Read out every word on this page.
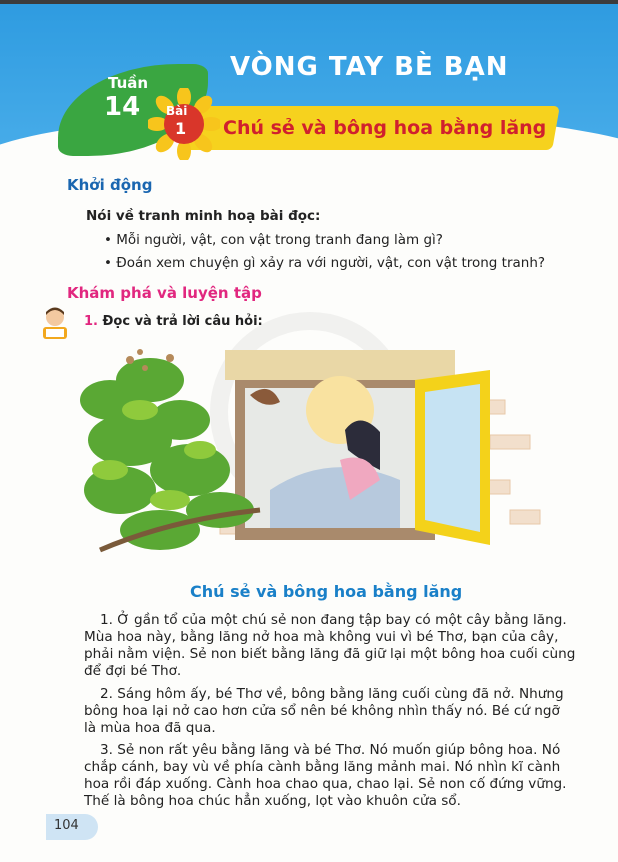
VÒNG TAY BÈ BẠN
Tuần
14
Chú sẻ và bông hoa bằng lăng
Bài
1
Khởi động
Nói về tranh minh hoạ bài đọc:
• Mỗi người, vật, con vật trong tranh đang làm gì?
• Đoán xem chuyện gì xảy ra với người, vật, con vật trong tranh?
Khám phá và luyện tập
1. Đọc và trả lời câu hỏi:
Chú sẻ và bông hoa bằng lăng

1. Ở gần tổ của một chú sẻ non đang tập bay có một cây bằng lăng.
Mùa hoa này, bằng lăng nở hoa mà không vui vì bé Thơ, bạn của cây,
phải nằm viện. Sẻ non biết bằng lăng đã giữ lại một bông hoa cuối cùng
để đợi bé Thơ.

2. Sáng hôm ấy, bé Thơ về, bông bằng lăng cuối cùng đã nở. Nhưng
bông hoa lại nở cao hơn cửa sổ nên bé không nhìn thấy nó. Bé cứ ngỡ
là mùa hoa đã qua.

3. Sẻ non rất yêu bằng lăng và bé Thơ. Nó muốn giúp bông hoa. Nó
chắp cánh, bay vù về phía cành bằng lăng mảnh mai. Nó nhìn kĩ cành
hoa rồi đáp xuống. Cành hoa chao qua, chao lại. Sẻ non cố đứng vững.
Thế là bông hoa chúc hẳn xuống, lọt vào khuôn cửa sổ.

104
